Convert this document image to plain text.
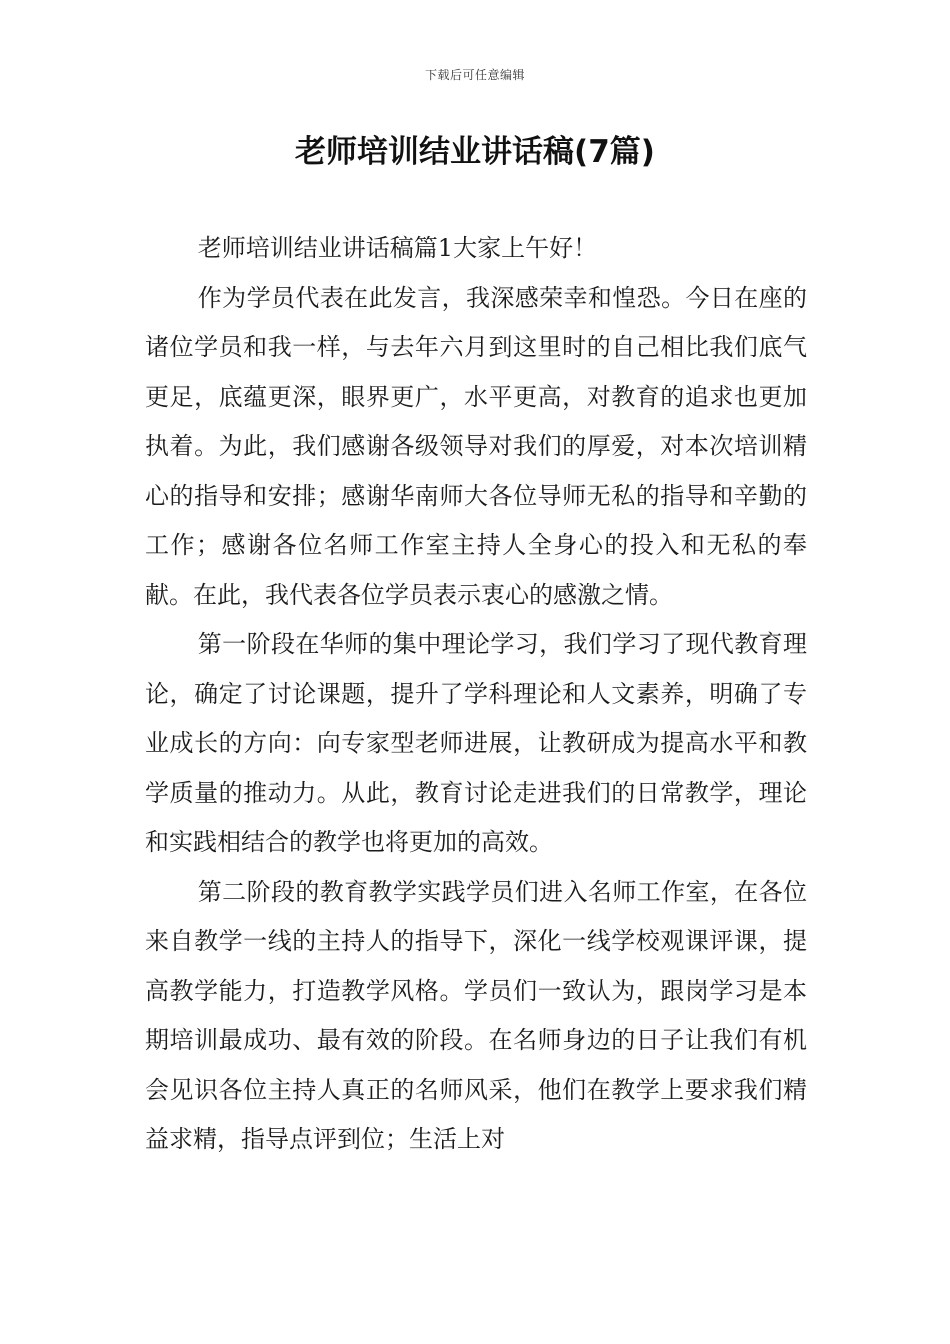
下载后可任意编辑
老师培训结业讲话稿(7篇)

老师培训结业讲话稿篇1大家上午好！

作为学员代表在此发言，我深感荣幸和惶恐。今日在座的诸位学员和我一样，与去年六月到这里时的自己相比我们底气更足，底蕴更深，眼界更广，水平更高，对教育的追求也更加执着。为此，我们感谢各级领导对我们的厚爱，对本次培训精心的指导和安排；感谢华南师大各位导师无私的指导和辛勤的工作；感谢各位名师工作室主持人全身心的投入和无私的奉献。在此，我代表各位学员表示衷心的感激之情。

第一阶段在华师的集中理论学习，我们学习了现代教育理论，确定了讨论课题，提升了学科理论和人文素养，明确了专业成长的方向：向专家型老师进展，让教研成为提高水平和教学质量的推动力。从此，教育讨论走进我们的日常教学，理论和实践相结合的教学也将更加的高效。

第二阶段的教育教学实践学员们进入名师工作室，在各位来自教学一线的主持人的指导下，深化一线学校观课评课，提高教学能力，打造教学风格。学员们一致认为，跟岗学习是本期培训最成功、最有效的阶段。在名师身边的日子让我们有机会见识各位主持人真正的名师风采，他们在教学上要求我们精益求精，指导点评到位；生活上对
